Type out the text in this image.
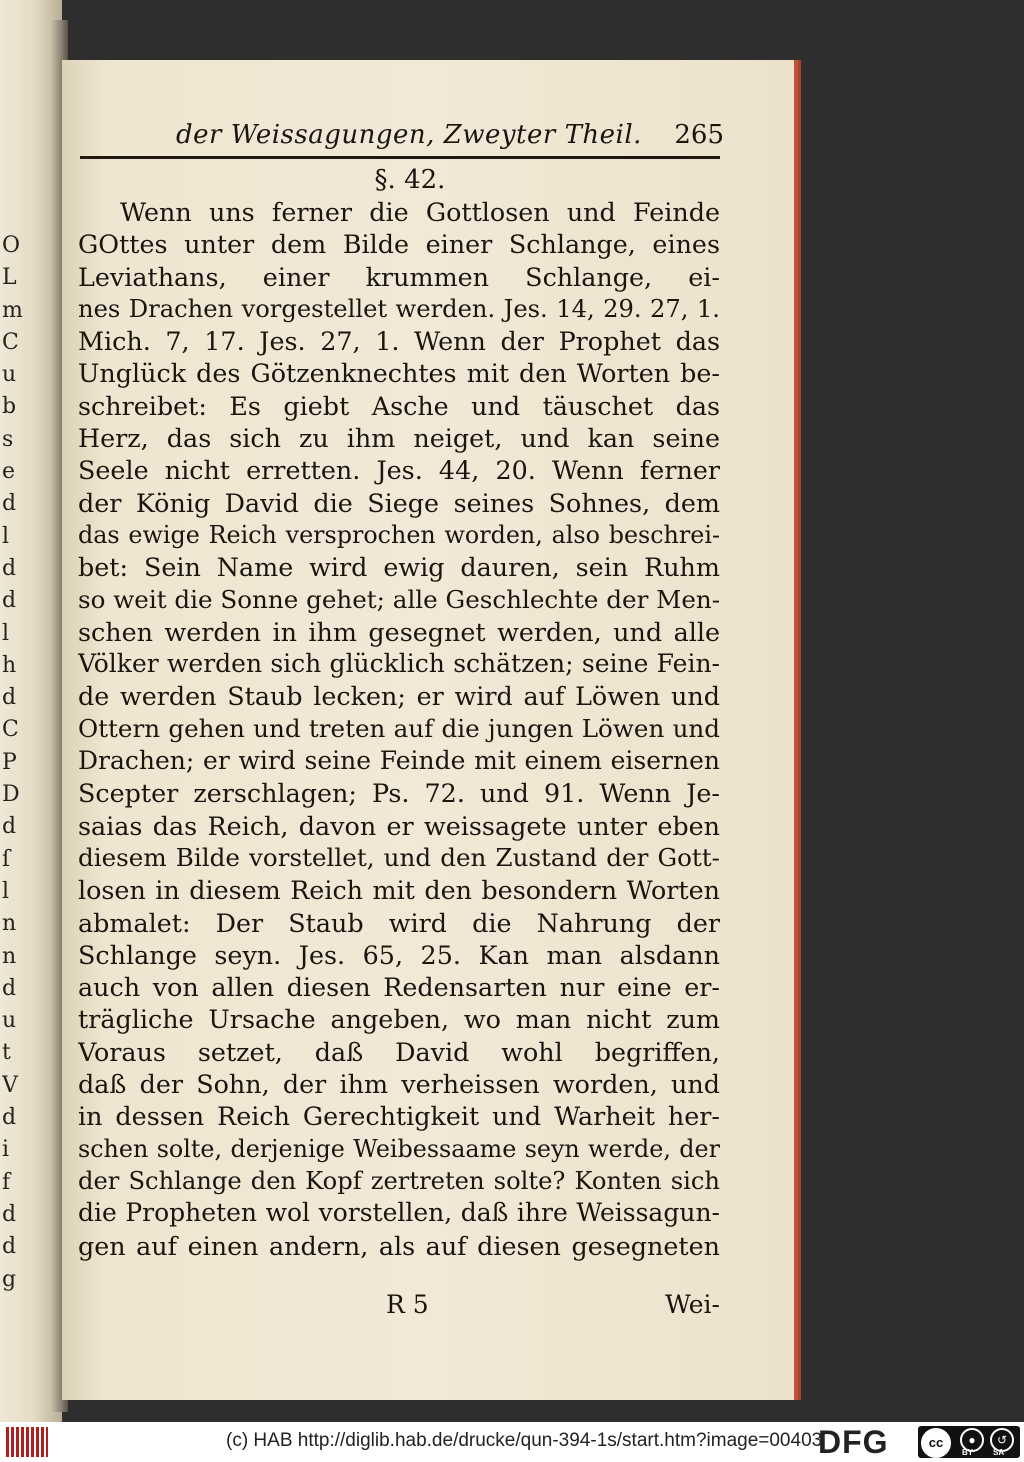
O
L
m
C
u
b
s
e
d
l
d
d
l
h
d
C
P
D
d
ſ
l
n
n
d
u
t
V
d
i
f
d
d
g
der Weissagungen, Zweyter Theil. 265
§. 42.
Wenn uns ferner die Gottlosen und Feinde
GOttes unter dem Bilde einer Schlange, eines
Leviathans, einer krummen Schlange, ei-
nes Drachen vorgestellet werden. Jes. 14, 29. 27, 1.
Mich. 7, 17. Jes. 27, 1. Wenn der Prophet das
Unglück des Götzenknechtes mit den Worten be-
schreibet: Es giebt Asche und täuschet das
Herz, das sich zu ihm neiget, und kan seine
Seele nicht erretten. Jes. 44, 20. Wenn ferner
der König David die Siege seines Sohnes, dem
das ewige Reich versprochen worden, also beschrei-
bet: Sein Name wird ewig dauren, sein Ruhm
so weit die Sonne gehet; alle Geschlechte der Men-
schen werden in ihm gesegnet werden, und alle
Völker werden sich glücklich schätzen; seine Fein-
de werden Staub lecken; er wird auf Löwen und
Ottern gehen und treten auf die jungen Löwen und
Drachen; er wird seine Feinde mit einem eisernen
Scepter zerschlagen; Ps. 72. und 91. Wenn Je-
saias das Reich, davon er weissagete unter eben
diesem Bilde vorstellet, und den Zustand der Gott-
losen in diesem Reich mit den besondern Worten
abmalet: Der Staub wird die Nahrung der
Schlange seyn. Jes. 65, 25. Kan man alsdann
auch von allen diesen Redensarten nur eine er-
trägliche Ursache angeben, wo man nicht zum
Voraus setzet, daß David wohl begriffen,
daß der Sohn, der ihm verheissen worden, und
in dessen Reich Gerechtigkeit und Warheit her-
schen solte, derjenige Weibessaame seyn werde, der
der Schlange den Kopf zertreten solte? Konten sich
die Propheten wol vorstellen, daß ihre Weissagun-
gen auf einen andern, als auf diesen gesegneten
R 5	Wei-
(c) HAB http://diglib.hab.de/drucke/qun-394-1s/start.htm?image=00403
DFG	cc	●	↺
BY SA
